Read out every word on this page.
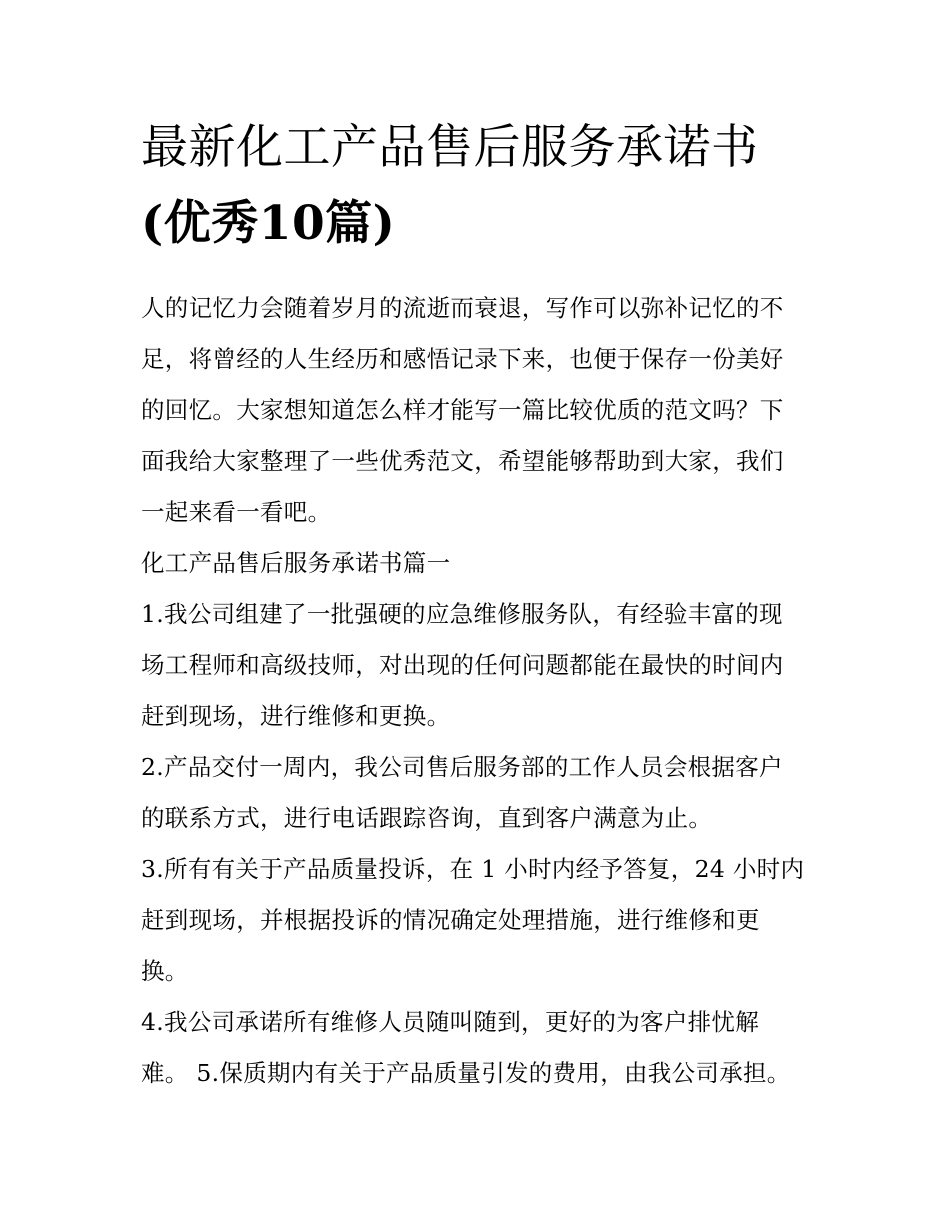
最新化工产品售后服务承诺书
(优秀10篇)

人的记忆力会随着岁月的流逝而衰退，写作可以弥补记忆的不
足，将曾经的人生经历和感悟记录下来，也便于保存一份美好
的回忆。大家想知道怎么样才能写一篇比较优质的范文吗？下
面我给大家整理了一些优秀范文，希望能够帮助到大家，我们
一起来看一看吧。

化工产品售后服务承诺书篇一

1.我公司组建了一批强硬的应急维修服务队，有经验丰富的现
场工程师和高级技师，对出现的任何问题都能在最快的时间内
赶到现场，进行维修和更换。

2.产品交付一周内，我公司售后服务部的工作人员会根据客户
的联系方式，进行电话跟踪咨询，直到客户满意为止。

3.所有有关于产品质量投诉，在 1 小时内经予答复，24 小时内
赶到现场，并根据投诉的情况确定处理措施，进行维修和更
换。

4.我公司承诺所有维修人员随叫随到，更好的为客户排忧解
难。 5.保质期内有关于产品质量引发的费用，由我公司承担。
